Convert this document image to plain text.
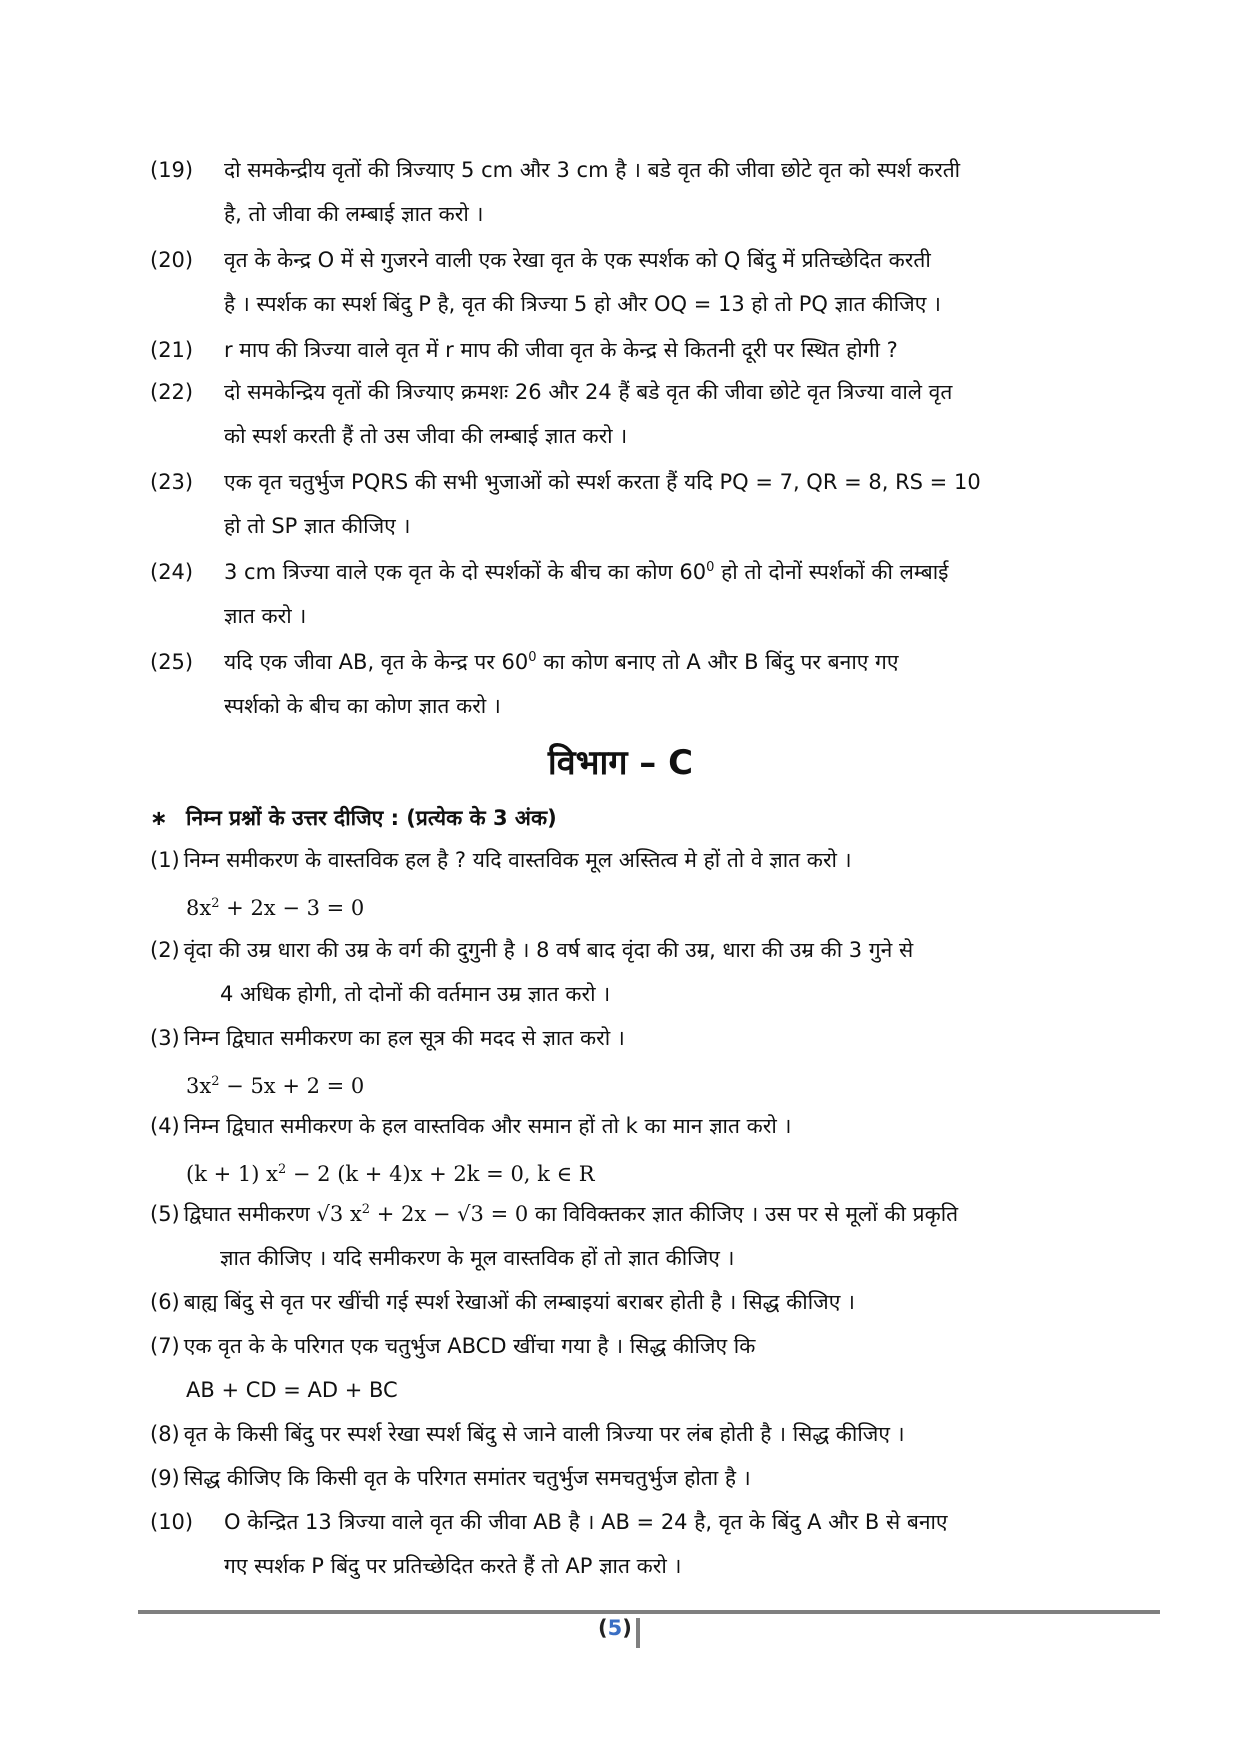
(19)	दो समकेन्द्रीय वृतों की त्रिज्याए 5 cm और 3 cm है । बडे वृत की जीवा छोटे वृत को स्पर्श करती
है, तो जीवा की लम्बाई ज्ञात करो ।
(20)	वृत के केन्द्र O में से गुजरने वाली एक रेखा वृत के एक स्पर्शक को Q बिंदु में प्रतिच्छेदित करती
है । स्पर्शक का स्पर्श बिंदु P है, वृत की त्रिज्या 5 हो और OQ = 13 हो तो PQ ज्ञात कीजिए ।
(21)	r माप की त्रिज्या वाले वृत में r माप की जीवा वृत के केन्द्र से कितनी दूरी पर स्थित होगी ?
(22)	दो समकेन्द्रिय वृतों की त्रिज्याए क्रमशः 26 और 24 हैं बडे वृत की जीवा छोटे वृत त्रिज्या वाले वृत
को स्पर्श करती हैं तो उस जीवा की लम्बाई ज्ञात करो ।
(23)	एक वृत चतुर्भुज PQRS की सभी भुजाओं को स्पर्श करता हैं यदि PQ = 7, QR = 8, RS = 10
हो तो SP ज्ञात कीजिए ।
(24)	3 cm त्रिज्या वाले एक वृत के दो स्पर्शकों के बीच का कोण $60^0$ हो तो दोनों स्पर्शकों की लम्बाई
ज्ञात करो ।
(25)	यदि एक जीवा AB, वृत के केन्द्र पर $60^0$ का कोण बनाए तो A और B बिंदु पर बनाए गए
स्पर्शको के बीच का कोण ज्ञात करो ।
विभाग – C
∗ निम्न प्रश्नों के उत्तर दीजिए : (प्रत्येक के 3 अंक)
(1) निम्न समीकरण के वास्तविक हल है ? यदि वास्तविक मूल अस्तित्व मे हों तो वे ज्ञात करो ।
$8x^2 + 2x - 3 = 0$
(2) वृंदा की उम्र धारा की उम्र के वर्ग की दुगुनी है । 8 वर्ष बाद वृंदा की उम्र, धारा की उम्र की 3 गुने से
4 अधिक होगी, तो दोनों की वर्तमान उम्र ज्ञात करो ।
(3) निम्न द्विघात समीकरण का हल सूत्र की मदद से ज्ञात करो ।
$3x^2 - 5x + 2 = 0$
(4) निम्न द्विघात समीकरण के हल वास्तविक और समान हों तो k का मान ज्ञात करो ।
(k + 1) $x^2 - 2$ (k + 4)x + 2k = 0, k ∈ R
(5) द्विघात समीकरण √3 $x^2 + 2x - √3 = 0$ का विविक्तकर ज्ञात कीजिए । उस पर से मूलों की प्रकृति
ज्ञात कीजिए । यदि समीकरण के मूल वास्तविक हों तो ज्ञात कीजिए ।
(6) बाह्य बिंदु से वृत पर खींची गई स्पर्श रेखाओं की लम्बाइयां बराबर होती है । सिद्ध कीजिए ।
(7) एक वृत के के परिगत एक चतुर्भुज ABCD खींचा गया है । सिद्ध कीजिए कि
AB + CD = AD + BC
(8) वृत के किसी बिंदु पर स्पर्श रेखा स्पर्श बिंदु से जाने वाली त्रिज्या पर लंब होती है । सिद्ध कीजिए ।
(9) सिद्ध कीजिए कि किसी वृत के परिगत समांतर चतुर्भुज समचतुर्भुज होता है ।
(10)	O केन्द्रित 13 त्रिज्या वाले वृत की जीवा AB है । AB = 24 है, वृत के बिंदु A और B से बनाए
गए स्पर्शक P बिंदु पर प्रतिच्छेदित करते हैं तो AP ज्ञात करो ।
(5)
